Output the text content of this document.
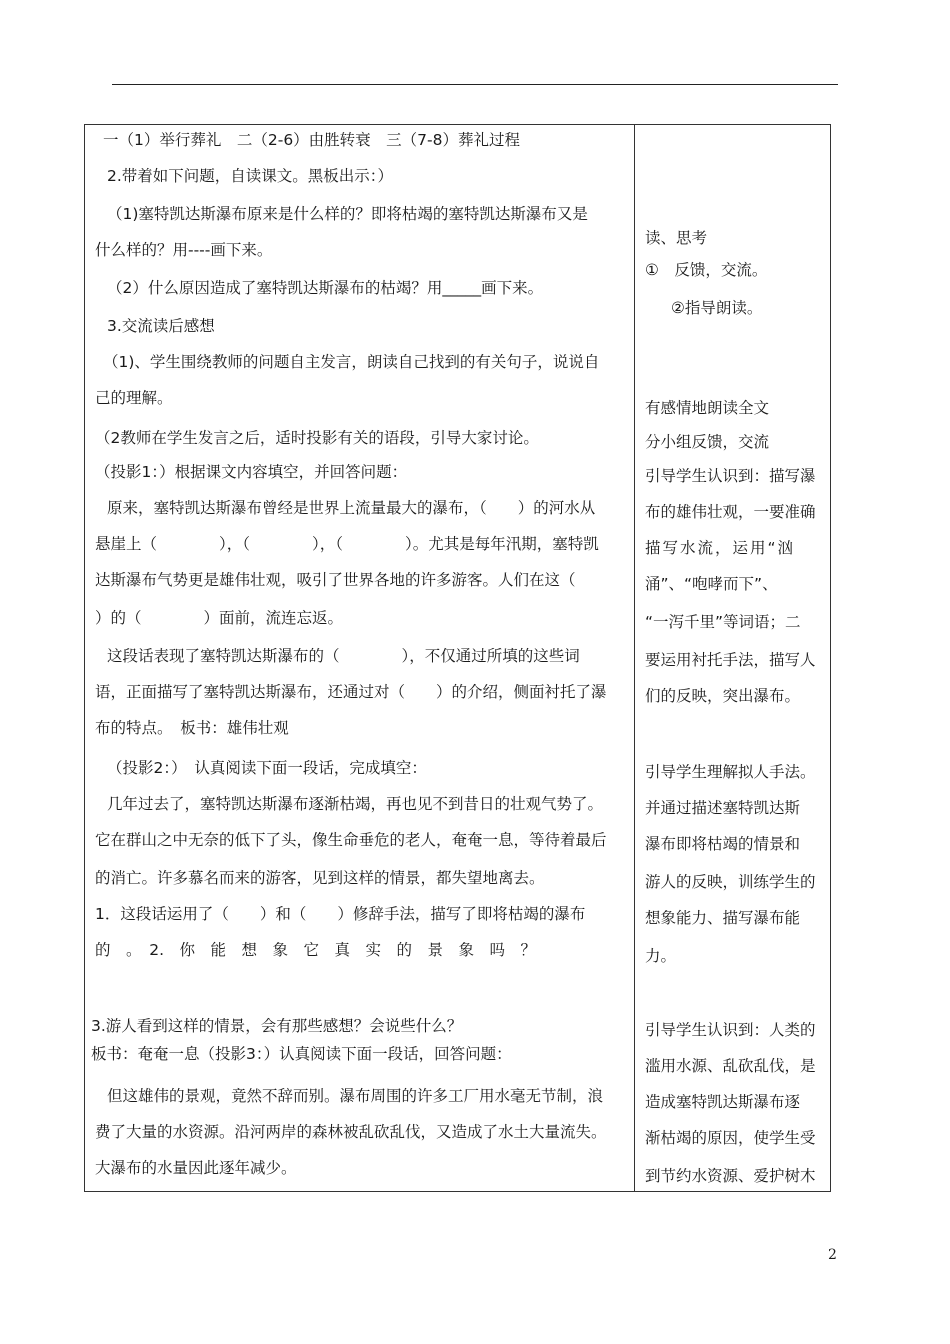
一（1）举行葬礼　二（2-6）由胜转衰　三（7-8）葬礼过程
2.带着如下问题，自读课文。黑板出示：）
（1)塞特凯达斯瀑布原来是什么样的？即将枯竭的塞特凯达斯瀑布又是
什么样的？用----画下来。
（2）什么原因造成了塞特凯达斯瀑布的枯竭？用_____画下来。
3.交流读后感想
（1)、学生围绕教师的问题自主发言，朗读自己找到的有关句子，说说自
己的理解。
（2教师在学生发言之后，适时投影有关的语段，引导大家讨论。
（投影1：）根据课文内容填空，并回答问题：
原来，塞特凯达斯瀑布曾经是世界上流量最大的瀑布，（　　）的河水从
悬崖上（　　　　），（　　　　），（　　　　）。尤其是每年汛期，塞特凯
达斯瀑布气势更是雄伟壮观，吸引了世界各地的许多游客。人们在这（
）的（　　　　）面前，流连忘返。
这段话表现了塞特凯达斯瀑布的（　　　　），不仅通过所填的这些词
语，正面描写了塞特凯达斯瀑布，还通过对（　　）的介绍，侧面衬托了瀑
布的特点。　板书：雄伟壮观
（投影2：）　认真阅读下面一段话，完成填空：
几年过去了，塞特凯达斯瀑布逐渐枯竭，再也见不到昔日的壮观气势了。
它在群山之中无奈的低下了头，像生命垂危的老人，奄奄一息，等待着最后
的消亡。许多慕名而来的游客，见到这样的情景，都失望地离去。
1．这段话运用了（　　）和（　　）修辞手法，描写了即将枯竭的瀑布
的　。　2.　你　能　想　象　它　真　实　的　景　象　吗　？
3.游人看到这样的情景，会有那些感想？会说些什么？
板书：奄奄一息（投影3：）认真阅读下面一段话，回答问题：
但这雄伟的景观，竟然不辞而别。瀑布周围的许多工厂用水毫无节制，浪
费了大量的水资源。沿河两岸的森林被乱砍乱伐，又造成了水土大量流失。
大瀑布的水量因此逐年减少。
读、思考
①　反馈，交流。
②指导朗读。
有感情地朗读全文
分小组反馈，交流
引导学生认识到：描写瀑
布的雄伟壮观，一要准确
描写水流，运用“汹
涌”、“咆哮而下”、
“一泻千里”等词语；二
要运用衬托手法，描写人
们的反映，突出瀑布。
引导学生理解拟人手法。
并通过描述塞特凯达斯
瀑布即将枯竭的情景和
游人的反映，训练学生的
想象能力、描写瀑布能
力。
引导学生认识到：人类的
滥用水源、乱砍乱伐，是
造成塞特凯达斯瀑布逐
渐枯竭的原因，使学生受
到节约水资源、爱护树木
2
